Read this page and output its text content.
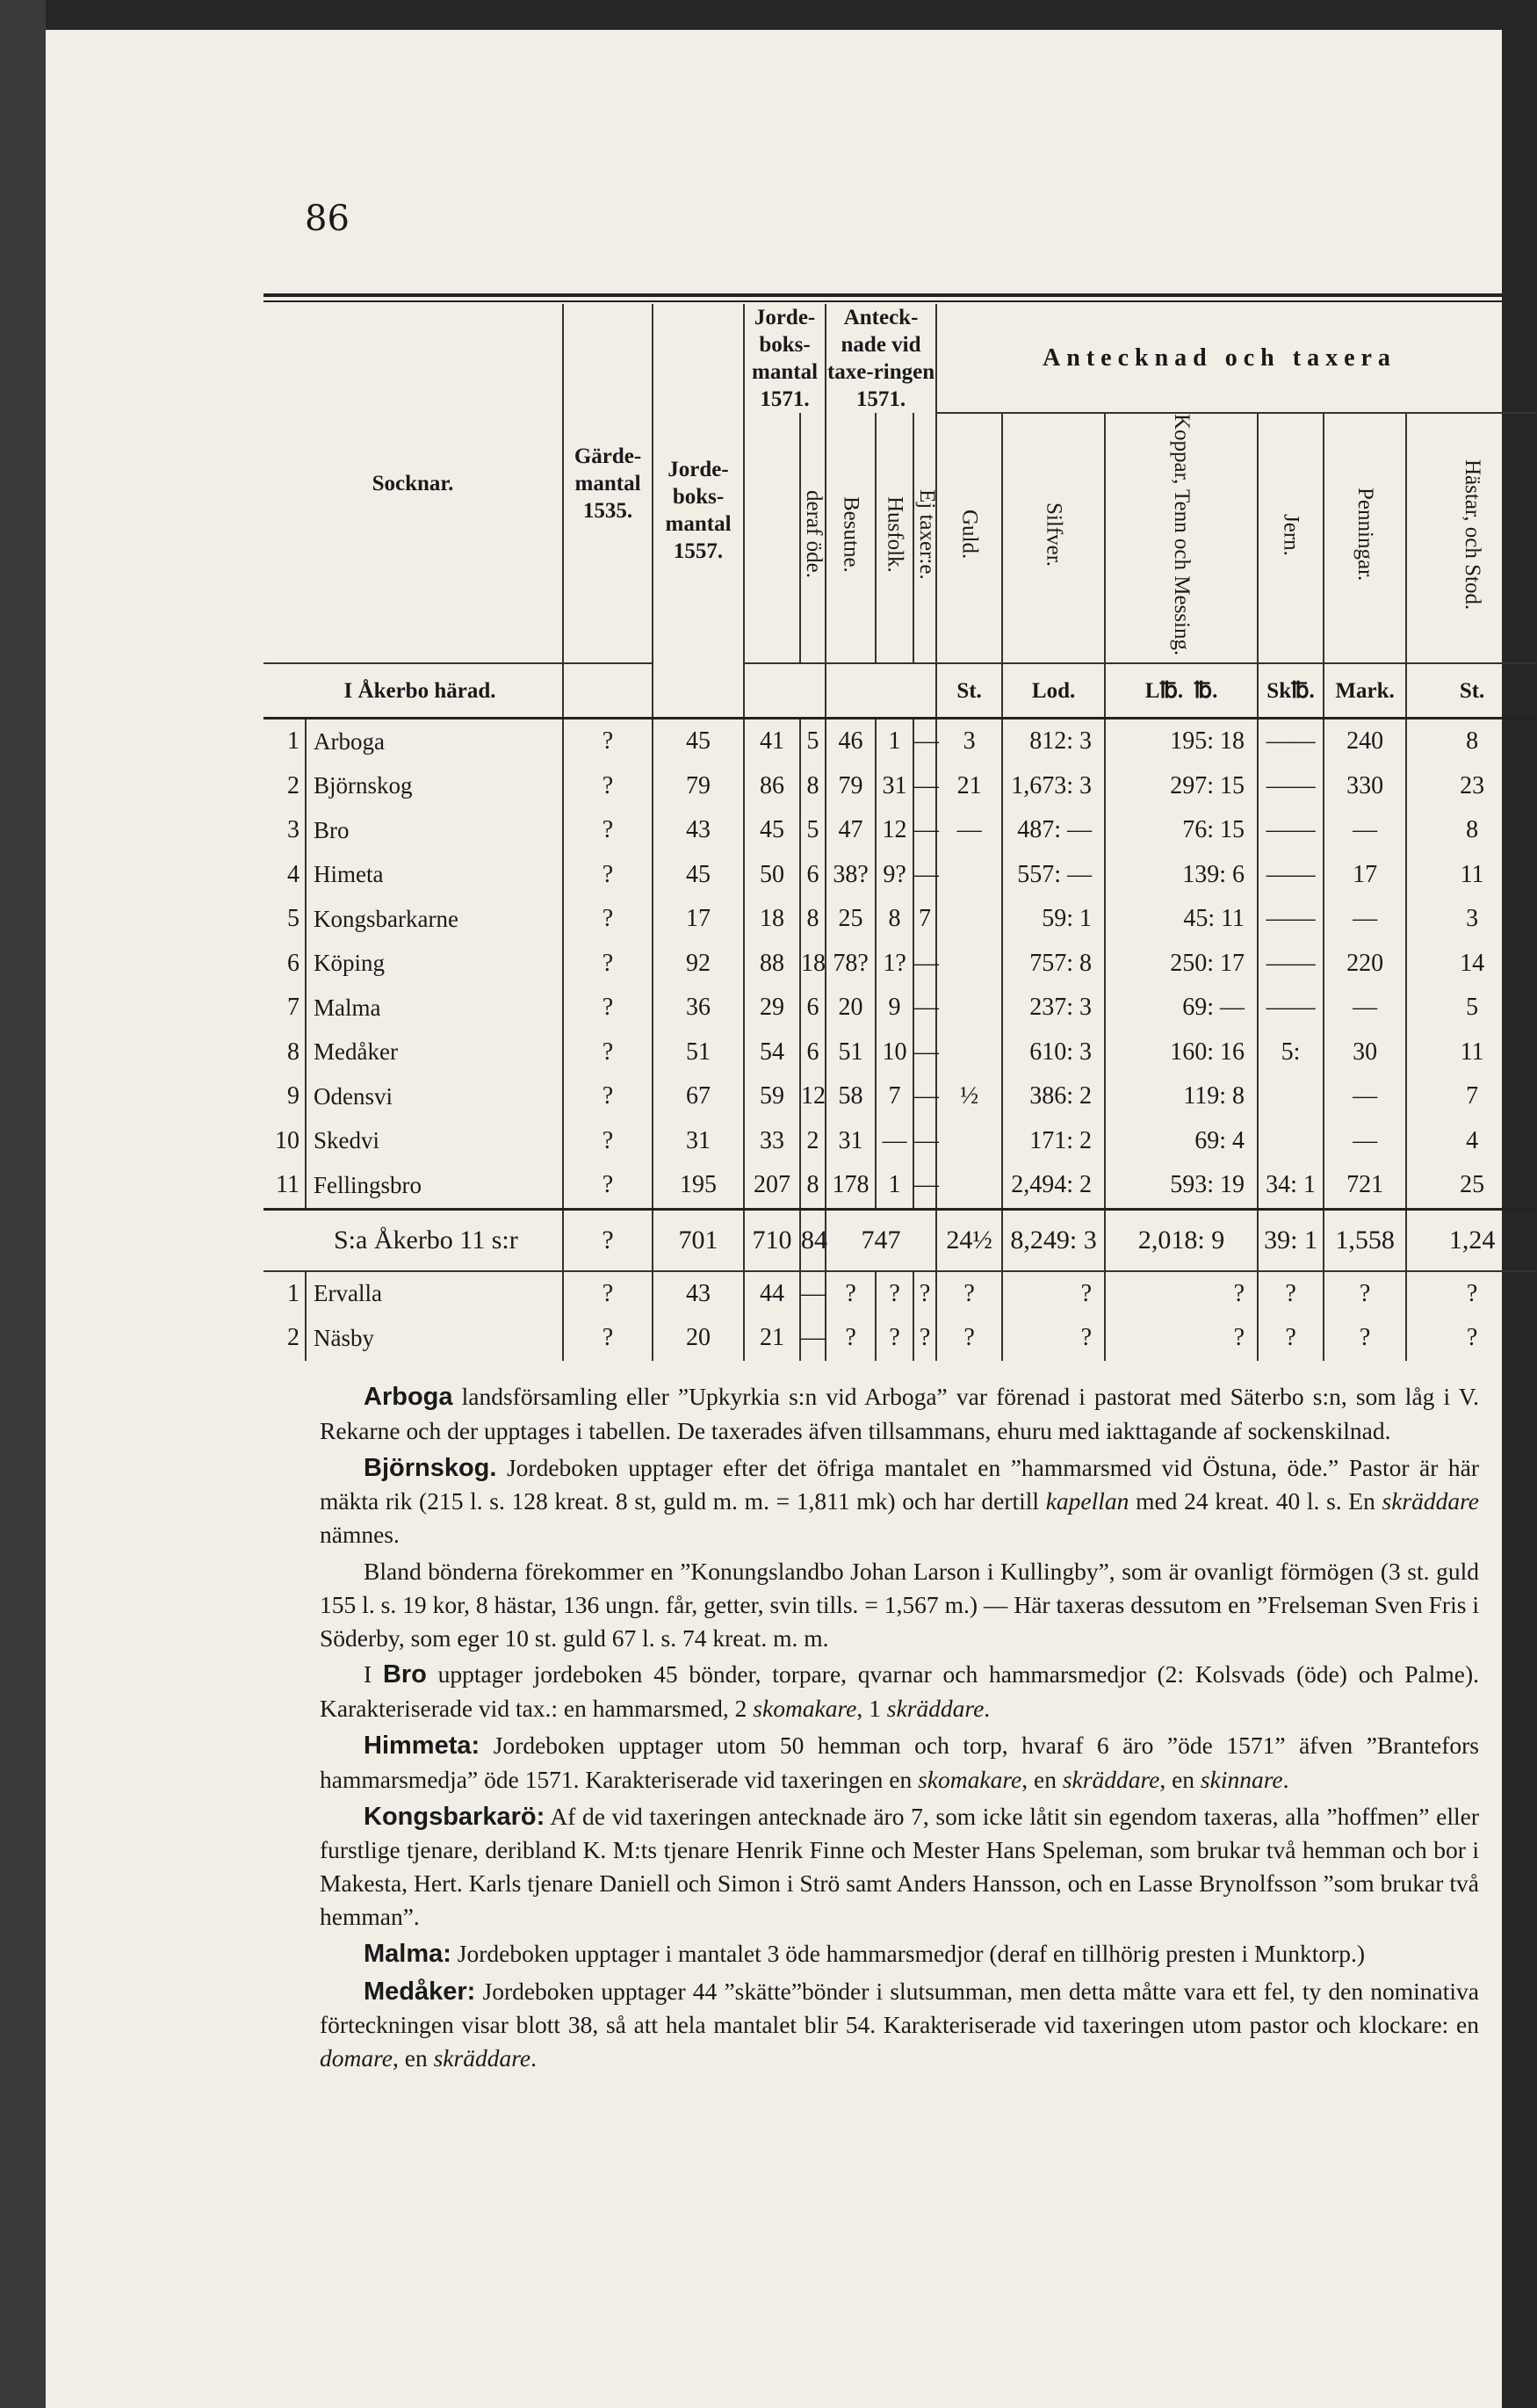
86
Socknar.		Gärde-mantal 1535.	Jorde-boks-mantal 1557.	Jorde-boks-mantal 1571.		Anteck-nade vid taxe-ringen 1571.			Antecknad och taxera					
					deraf öde.	Besutne.	Husfolk.	Ej taxer:e.	Guld.	Silfver.	Koppar, Tenn och Messing.	Jern.	Penningar.	Hästar, och Stod.
I Åkerbo härad.									St.	Lod.	L℔. ℔.	Sk℔.	Mark.	St.
1	Arboga	?	45	41	5	46	1	—	3	812: 3	195: 18	——	240	8
2	Björnskog	?	79	86	8	79	31	—	21	1,673: 3	297: 15	——	330	23
3	Bro	?	43	45	5	47	12	—	—	487: —	76: 15	——	—	8
4	Himeta	?	45	50	6	38?	9?	—		557: —	139: 6	——	17	11
5	Kongsbarkarne	?	17	18	8	25	8	7		59: 1	45: 11	——	—	3
6	Köping	?	92	88	18	78?	1?	—		757: 8	250: 17	——	220	14
7	Malma	?	36	29	6	20	9	—		237: 3	69: —	——	—	5
8	Medåker	?	51	54	6	51	10	—		610: 3	160: 16	5:	30	11
9	Odensvi	?	67	59	12	58	7	—	½	386: 2	119: 8		—	7
10	Skedvi	?	31	33	2	31	—	—		171: 2	69: 4		—	4
11	Fellingsbro	?	195	207	8	178	1	—		2,494: 2	593: 19	34: 1	721	25
S:a Åkerbo 11 s:r		?	701	710	84	747			24½	8,249: 3	2,018: 9	39: 1	1,558	1,24
1	Ervalla	?	43	44	—	?	?	?	?	?	?	?	?	?
2	Näsby	?	20	21	—	?	?	?	?	?	?	?	?	?

Arboga landsförsamling eller ”Upkyrkia s:n vid Arboga” var förenad i pastorat med Säterbo s:n, som låg i V. Rekarne och der upptages i tabellen. De taxerades äfven tillsammans, ehuru med iakttagande af sockenskilnad.

Björnskog. Jordeboken upptager efter det öfriga mantalet en ”hammarsmed vid Östuna, öde.” Pastor är här mäkta rik (215 l. s. 128 kreat. 8 st, guld m. m. = 1,811 mk) och har dertill kapellan med 24 kreat. 40 l. s. En skräddare nämnes.

Bland bönderna förekommer en ”Konungslandbo Johan Larson i Kullingby”, som är ovanligt förmögen (3 st. guld 155 l. s. 19 kor, 8 hästar, 136 ungn. får, getter, svin tills. = 1,567 m.) — Här taxeras dessutom en ”Frelseman Sven Fris i Söderby, som eger 10 st. guld 67 l. s. 74 kreat. m. m.

I Bro upptager jordeboken 45 bönder, torpare, qvarnar och hammarsmedjor (2: Kolsvads (öde) och Palme). Karakteriserade vid tax.: en hammarsmed, 2 skomakare, 1 skräddare.

Himmeta: Jordeboken upptager utom 50 hemman och torp, hvaraf 6 äro ”öde 1571” äfven ”Brantefors hammarsmedja” öde 1571. Karakteriserade vid taxeringen en skomakare, en skräddare, en skinnare.

Kongsbarkarö: Af de vid taxeringen antecknade äro 7, som icke låtit sin egendom taxeras, alla ”hoffmen” eller furstlige tjenare, deribland K. M:ts tjenare Henrik Finne och Mester Hans Speleman, som brukar två hemman och bor i Makesta, Hert. Karls tjenare Daniell och Simon i Strö samt Anders Hansson, och en Lasse Brynolfsson ”som brukar två hemman”.

Malma: Jordeboken upptager i mantalet 3 öde hammarsmedjor (deraf en tillhörig presten i Munktorp.)

Medåker: Jordeboken upptager 44 ”skätte”bönder i slutsumman, men detta måtte vara ett fel, ty den nominativa förteckningen visar blott 38, så att hela mantalet blir 54. Karakteriserade vid taxeringen utom pastor och klockare: en domare, en skräddare.
